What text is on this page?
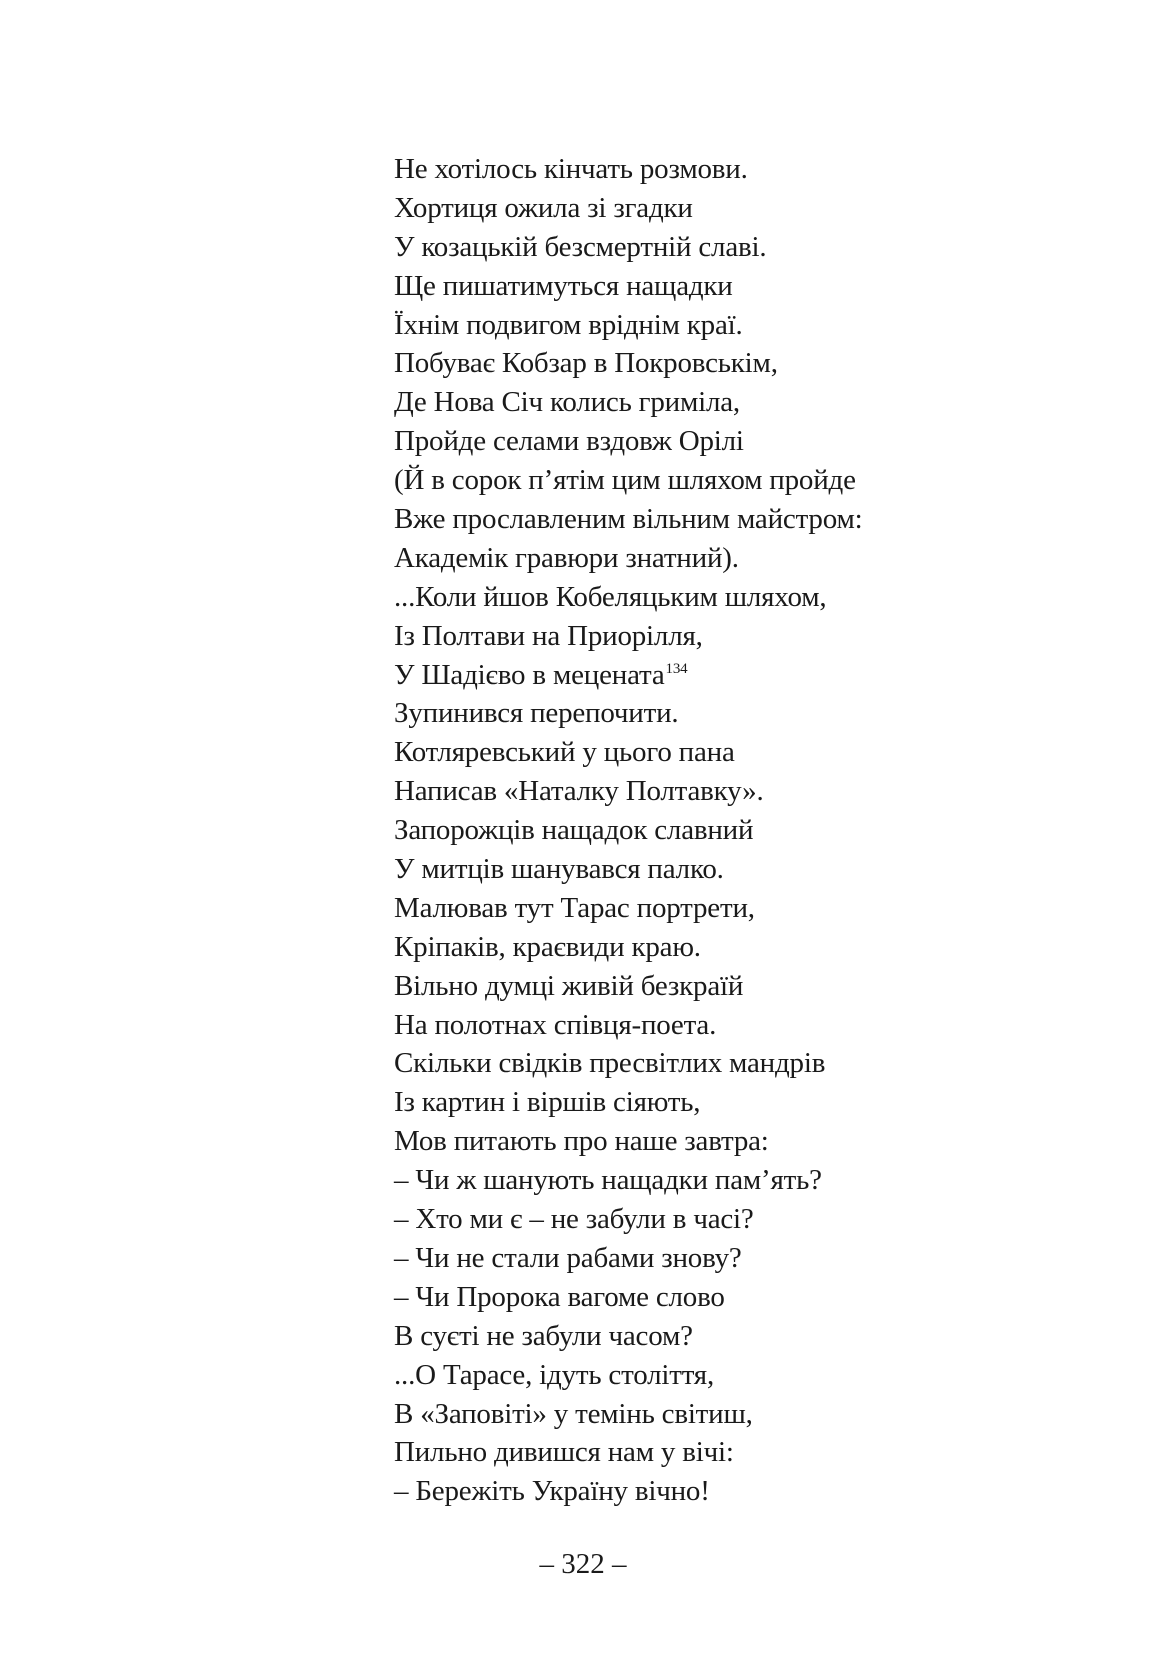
Не хотілось кінчать розмови.
Хортиця ожила зі згадки
У козацькій безсмертній славі.
Ще пишатимуться нащадки
Їхнім подвигом вріднім краї.
Побуває Кобзар в Покровськім,
Де Нова Січ колись гриміла,
Пройде селами вздовж Орілі
(Й в сорок п’ятім цим шляхом пройде
Вже прославленим вільним майстром:
Академік гравюри знатний).
...Коли йшов Кобеляцьким шляхом,
Із Полтави на Приорілля,
У Шадієво в мецената$^{134}$
Зупинився перепочити.
Котляревський у цього пана
Написав «Наталку Полтавку».
Запорожців нащадок славний
У митців шанувався палко.
Малював тут Тарас портрети,
Кріпаків, краєвиди краю.
Вільно думці живій безкраїй
На полотнах співця-поета.
Скільки свідків пресвітлих мандрів
Із картин і віршів сіяють,
Мов питають про наше завтра:
– Чи ж шанують нащадки пам’ять?
– Хто ми є – не забули в часі?
– Чи не стали рабами знову?
– Чи Пророка вагоме слово
В суєті не забули часом?
...О Тарасе, ідуть століття,
В «Заповіті» у темінь світиш,
Пильно дивишся нам у вічі:
– Бережіть Україну вічно!
– 322 –
